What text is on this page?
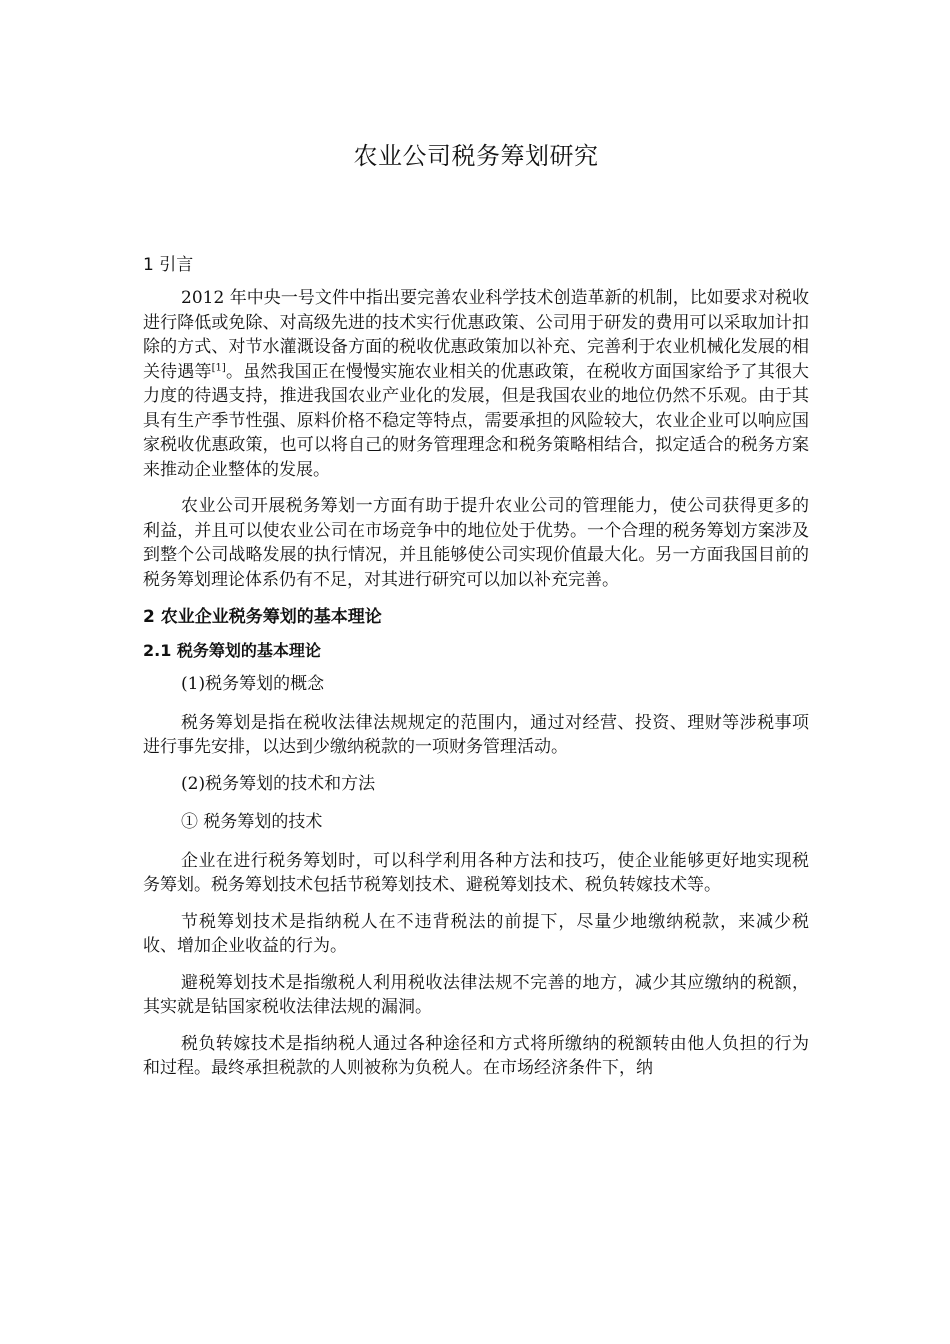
农业公司税务筹划研究
1 引言

2012 年中央一号文件中指出要完善农业科学技术创造革新的机制，比如要求对税收进行降低或免除、对高级先进的技术实行优惠政策、公司用于研发的费用可以采取加计扣除的方式、对节水灌溉设备方面的税收优惠政策加以补充、完善利于农业机械化发展的相关待遇等[1]。虽然我国正在慢慢实施农业相关的优惠政策，在税收方面国家给予了其很大力度的待遇支持，推进我国农业产业化的发展，但是我国农业的地位仍然不乐观。由于其具有生产季节性强、原料价格不稳定等特点，需要承担的风险较大，农业企业可以响应国家税收优惠政策，也可以将自己的财务管理理念和税务策略相结合，拟定适合的税务方案来推动企业整体的发展。

农业公司开展税务筹划一方面有助于提升农业公司的管理能力，使公司获得更多的利益，并且可以使农业公司在市场竞争中的地位处于优势。一个合理的税务筹划方案涉及到整个公司战略发展的执行情况，并且能够使公司实现价值最大化。另一方面我国目前的税务筹划理论体系仍有不足，对其进行研究可以加以补充完善。

2 农业企业税务筹划的基本理论
2.1 税务筹划的基本理论

(1)税务筹划的概念

税务筹划是指在税收法律法规规定的范围内，通过对经营、投资、理财等涉税事项进行事先安排，以达到少缴纳税款的一项财务管理活动。

(2)税务筹划的技术和方法

① 税务筹划的技术

企业在进行税务筹划时，可以科学利用各种方法和技巧，使企业能够更好地实现税务筹划。税务筹划技术包括节税筹划技术、避税筹划技术、税负转嫁技术等。

节税筹划技术是指纳税人在不违背税法的前提下，尽量少地缴纳税款，来减少税收、增加企业收益的行为。

避税筹划技术是指缴税人利用税收法律法规不完善的地方，减少其应缴纳的税额，其实就是钻国家税收法律法规的漏洞。

税负转嫁技术是指纳税人通过各种途径和方式将所缴纳的税额转由他人负担的行为和过程。最终承担税款的人则被称为负税人。在市场经济条件下，纳
